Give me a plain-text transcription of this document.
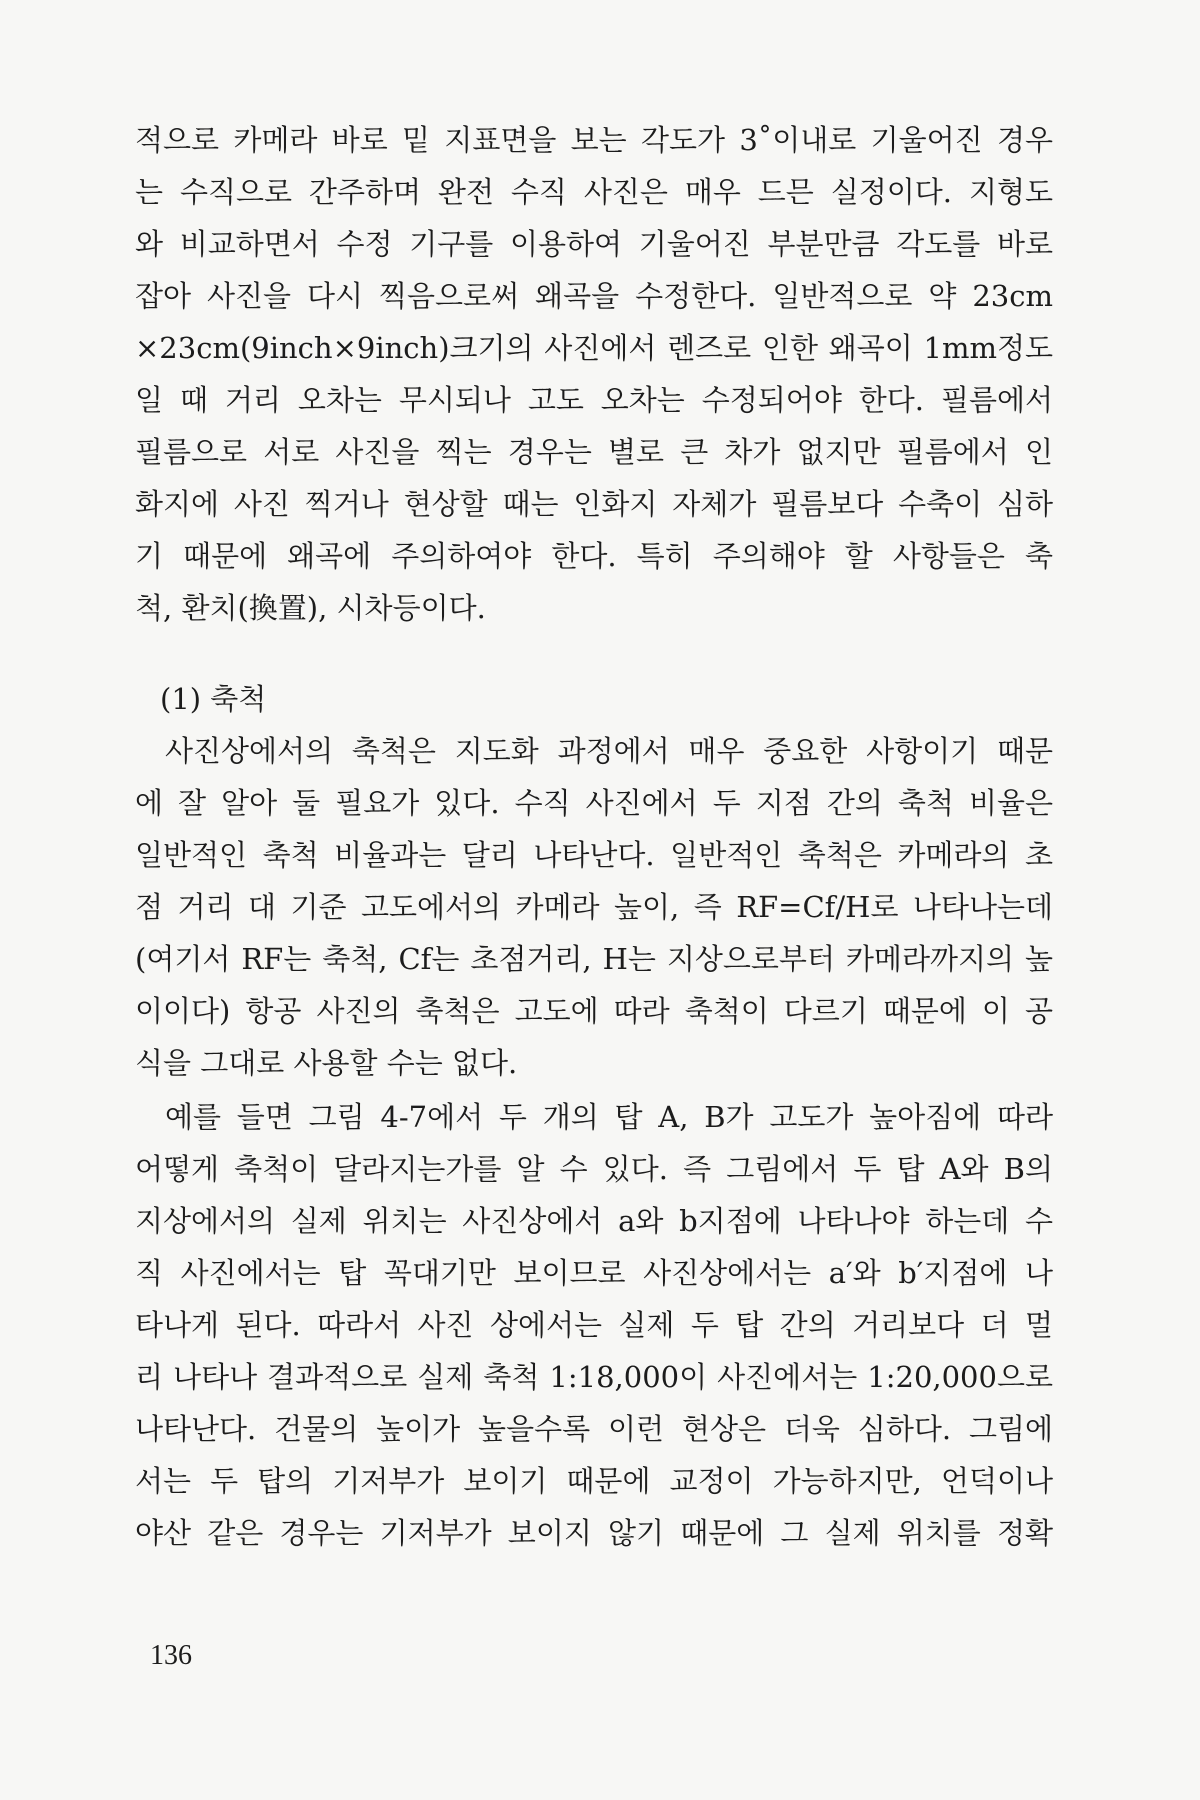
적으로 카메라 바로 밑 지표면을 보는 각도가 3˚이내로 기울어진 경우
는 수직으로 간주하며 완전 수직 사진은 매우 드믄 실정이다. 지형도
와 비교하면서 수정 기구를 이용하여 기울어진 부분만큼 각도를 바로
잡아 사진을 다시 찍음으로써 왜곡을 수정한다. 일반적으로 약 23cm
×23cm(9inch×9inch)크기의 사진에서 렌즈로 인한 왜곡이 1mm정도
일 때 거리 오차는 무시되나 고도 오차는 수정되어야 한다. 필름에서
필름으로 서로 사진을 찍는 경우는 별로 큰 차가 없지만 필름에서 인
화지에 사진 찍거나 현상할 때는 인화지 자체가 필름보다 수축이 심하
기 때문에 왜곡에 주의하여야 한다. 특히 주의해야 할 사항들은 축
척, 환치(換置), 시차등이다.
(1) 축척
사진상에서의 축척은 지도화 과정에서 매우 중요한 사항이기 때문
에 잘 알아 둘 필요가 있다. 수직 사진에서 두 지점 간의 축척 비율은
일반적인 축척 비율과는 달리 나타난다. 일반적인 축척은 카메라의 초
점 거리 대 기준 고도에서의 카메라 높이, 즉 RF=Cf/H로 나타나는데
(여기서 RF는 축척, Cf는 초점거리, H는 지상으로부터 카메라까지의 높
이이다) 항공 사진의 축척은 고도에 따라 축척이 다르기 때문에 이 공
식을 그대로 사용할 수는 없다.
예를 들면 그림 4-7에서 두 개의 탑 A, B가 고도가 높아짐에 따라
어떻게 축척이 달라지는가를 알 수 있다. 즉 그림에서 두 탑 A와 B의
지상에서의 실제 위치는 사진상에서 a와 b지점에 나타나야 하는데 수
직 사진에서는 탑 꼭대기만 보이므로 사진상에서는 a′와 b′지점에 나
타나게 된다. 따라서 사진 상에서는 실제 두 탑 간의 거리보다 더 멀
리 나타나 결과적으로 실제 축척 1:18,000이 사진에서는 1:20,000으로
나타난다. 건물의 높이가 높을수록 이런 현상은 더욱 심하다. 그림에
서는 두 탑의 기저부가 보이기 때문에 교정이 가능하지만, 언덕이나
야산 같은 경우는 기저부가 보이지 않기 때문에 그 실제 위치를 정확
136
